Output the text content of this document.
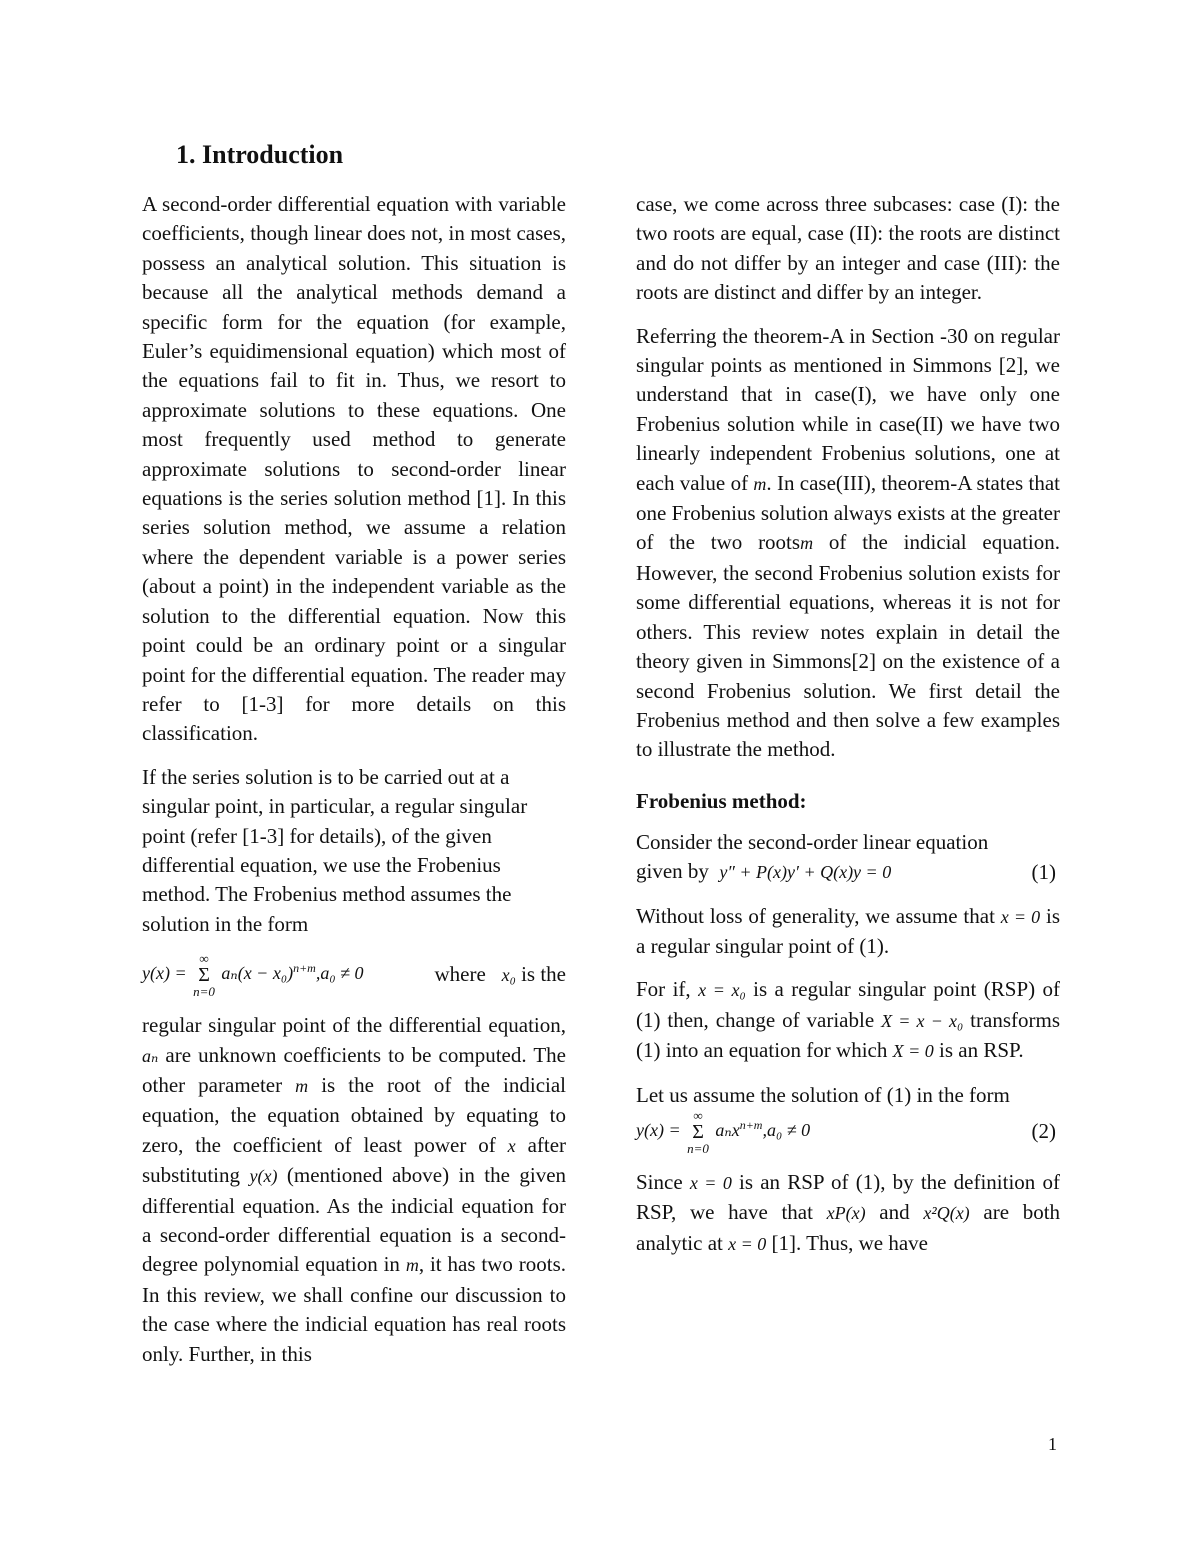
1. Introduction

A second-order differential equation with variable coefficients, though linear does not, in most cases, possess an analytical solution. This situation is because all the analytical methods demand a specific form for the equation (for example, Euler’s equidimensional equation) which most of the equations fail to fit in. Thus, we resort to approximate solutions to these equations. One most frequently used method to generate approximate solutions to second-order linear equations is the series solution method [1]. In this series solution method, we assume a relation where the dependent variable is a power series (about a point) in the independent variable as the solution to the differential equation. Now this point could be an ordinary point or a singular point for the differential equation. The reader may refer to [1-3] for more details on this classification.

If the series solution is to be carried out at a singular point, in particular, a regular singular point (refer [1-3] for details), of the given differential equation, we use the Frobenius method. The Frobenius method assumes the solution in the form

y(x) =
∞
Σ
n=0
$a_n(x - x_0)^{n+m},a_0 \ne 0$	where x₀ is the

regular singular point of the differential equation, aₙ are unknown coefficients to be computed. The other parameter m is the root of the indicial equation, the equation obtained by equating to zero, the coefficient of least power of x after substituting y(x) (mentioned above) in the given differential equation. As the indicial equation for a second-order differential equation is a second-degree polynomial equation in m, it has two roots. In this review, we shall confine our discussion to the case where the indicial equation has real roots only. Further, in this

case, we come across three subcases: case (I): the two roots are equal, case (II): the roots are distinct and do not differ by an integer and case (III): the roots are distinct and differ by an integer.

Referring the theorem-A in Section -30 on regular singular points as mentioned in Simmons [2], we understand that in case(I), we have only one Frobenius solution while in case(II) we have two linearly independent Frobenius solutions, one at each value of m. In case(III), theorem-A states that one Frobenius solution always exists at the greater of the two rootsm of the indicial equation. However, the second Frobenius solution exists for some differential equations, whereas it is not for others. This review notes explain in detail the theory given in Simmons[2] on the existence of a second Frobenius solution. We first detail the Frobenius method and then solve a few examples to illustrate the method.

Frobenius method:

Consider the second-order linear equation

given by y″ + P(x)y′ + Q(x)y = 0	(1)

Without loss of generality, we assume that x = 0 is a regular singular point of (1).

For if, x = x₀ is a regular singular point (RSP) of (1) then, change of variable X = x − x₀ transforms (1) into an equation for which X = 0 is an RSP.

Let us assume the solution of (1) in the form

y(x) =
∞
Σ
n=0
aₙx$^{n+m}$,a₀ ≠ 0	(2)

Since x = 0 is an RSP of (1), by the definition of RSP, we have that xP(x) and x²Q(x) are both analytic at x = 0 [1]. Thus, we have

1
